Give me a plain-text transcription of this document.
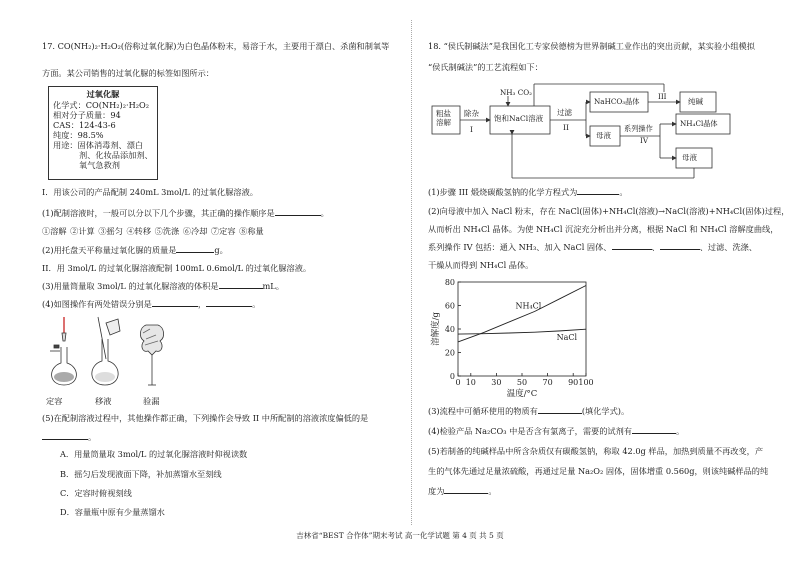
17. CO(NH₂)₂·H₂O₂(俗称过氧化脲)为白色晶体粉末，易溶于水，主要用于漂白、杀菌和制氧等
方面。某公司销售的过氧化脲的标签如图所示：
过氧化脲
化学式：CO(NH₂)₂·H₂O₂
相对分子质量：94
CAS：124-43-6
纯度：98.5%
用途：固体消毒剂、漂白
剂、化妆品添加剂、
氧气急救剂
I．用该公司的产品配制 240mL 3mol/L 的过氧化脲溶液。
(1)配制溶液时，一般可以分以下几个步骤，其正确的操作顺序是	。
①溶解 ②计算 ③摇匀 ④转移 ⑤洗涤 ⑥冷却 ⑦定容 ⑧称量
(2)用托盘天平称量过氧化脲的质量是	g。
II．用 3mol/L 的过氧化脲溶液配制 100mL 0.6mol/L 的过氧化脲溶液。
(3)用量筒量取 3mol/L 的过氧化脲溶液的体积是	mL。
(4)如图操作有两处错误分别是	，	。
定容	移液	验漏
(5)在配制溶液过程中，其他操作都正确，下列操作会导致 II 中所配制的溶液浓度偏低的是
。
A．用量筒量取 3mol/L 的过氧化脲溶液时仰视读数
B．摇匀后发现液面下降，补加蒸馏水至刻线
C．定容时俯视刻线
D．容量瓶中原有少量蒸馏水
18. “侯氏制碱法”是我国化工专家侯德榜为世界制碱工业作出的突出贡献，某实验小组模拟
“侯氏制碱法”的工艺流程如下：
粗盐
溶解
除杂
I
NH₃ CO₂
饱和NaCl溶液
过滤
II
NaHCO₃晶体
III
纯碱
母液
系列操作
IV
NH₄Cl晶体
母液
(1)步骤 III 煅烧碳酸氢钠的化学方程式为	。
(2)向母液中加入 NaCl 粉末，存在 NaCl(固体)+NH₄Cl(溶液)→NaCl(溶液)+NH₄Cl(固体)过程，
从而析出 NH₄Cl 晶体。为使 NH₄Cl 沉淀充分析出并分离，根据 NaCl 和 NH₄Cl 溶解度曲线，
系列操作 IV 包括：通入 NH₃、加入 NaCl 固体、	、	、过滤、洗涤、
干燥从而得到 NH₄Cl 晶体。
0
20
40
60
80
0 10 30 50 70 90 100
温度/°C
溶解度/g
NH₄Cl
NaCl
(3)流程中可循环使用的物质有	(填化学式)。
(4)检验产品 Na₂CO₃ 中是否含有氯离子，需要的试剂有	。
(5)若制备的纯碱样品中所含杂质仅有碳酸氢钠，称取 42.0g 样品，加热到质量不再改变，产
生的气体先通过足量浓硫酸，再通过足量 Na₂O₂ 固体，固体增重 0.560g，则该纯碱样品的纯
度为	。
吉林省“BEST 合作体”期末考试 高一化学试题 第 4 页 共 5 页
